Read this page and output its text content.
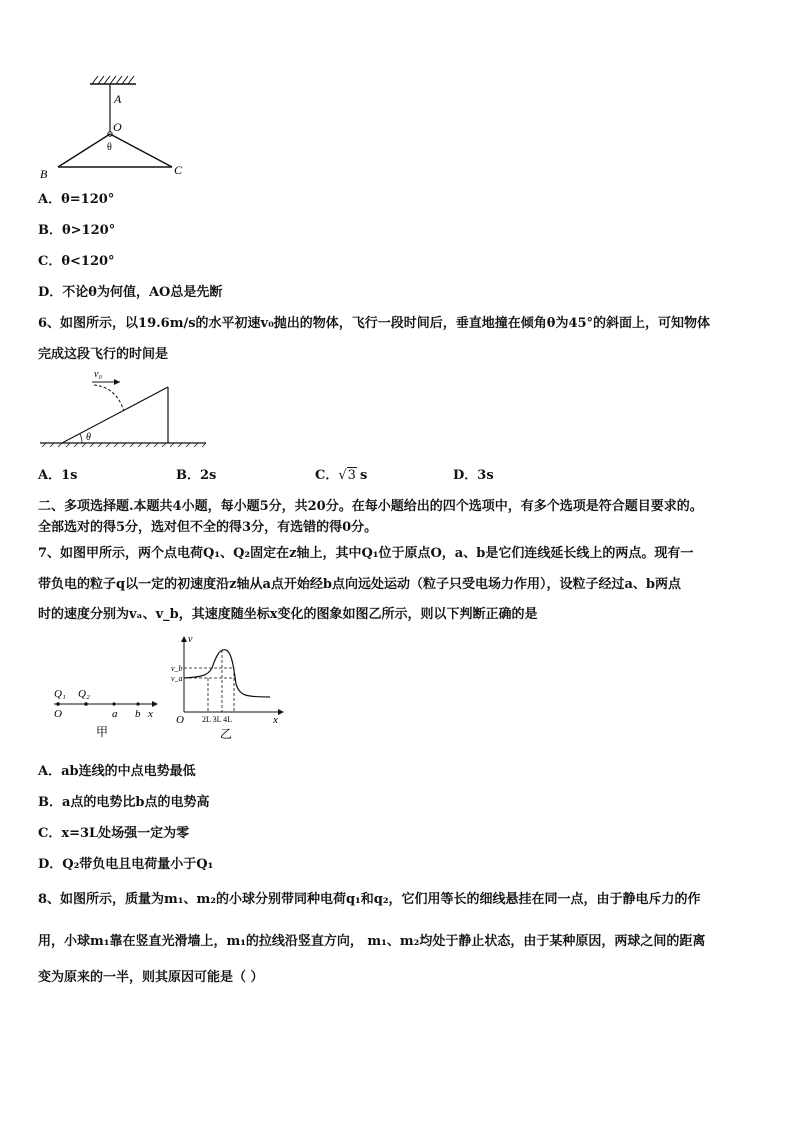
A
O
θ
B	C
A．θ=120°
B．θ>120°
C．θ<120°
D．不论θ为何值，AO总是先断
6、如图所示，以19.6m/s的水平初速v₀抛出的物体，飞行一段时间后，垂直地撞在倾角θ为45°的斜面上，可知物体
完成这段飞行的时间是
θ
v₀
A．1s	B．2s	C．√3 s	D．3s
二、多项选择题.本题共4小题，每小题5分，共20分。在每小题给出的四个选项中，有多个选项是符合题目要求的。
全部选对的得5分，选对但不全的得3分，有选错的得0分。
7、如图甲所示，两个点电荷Q₁、Q₂固定在z轴上，其中Q₁位于原点O，a、b是它们连线延长线上的两点。现有一
带负电的粒子q以一定的初速度沿z轴从a点开始经b点向远处运动（粒子只受电场力作用），设粒子经过a、b两点
时的速度分别为vₐ、v_b，其速度随坐标x变化的图象如图乙所示，则以下判断正确的是
Q₁ Q₂
O	a b x
甲
v
v_b
v_a
O 2L 3L 4L	x
乙
A．ab连线的中点电势最低
B．a点的电势比b点的电势高
C．x=3L处场强一定为零
D．Q₂带负电且电荷量小于Q₁
8、如图所示，质量为m₁、m₂的小球分别带同种电荷q₁和q₂，它们用等长的细线悬挂在同一点，由于静电斥力的作
用，小球m₁靠在竖直光滑墙上，m₁的拉线沿竖直方向， m₁、m₂均处于静止状态，由于某种原因，两球之间的距离
变为原来的一半，则其原因可能是（ ）
